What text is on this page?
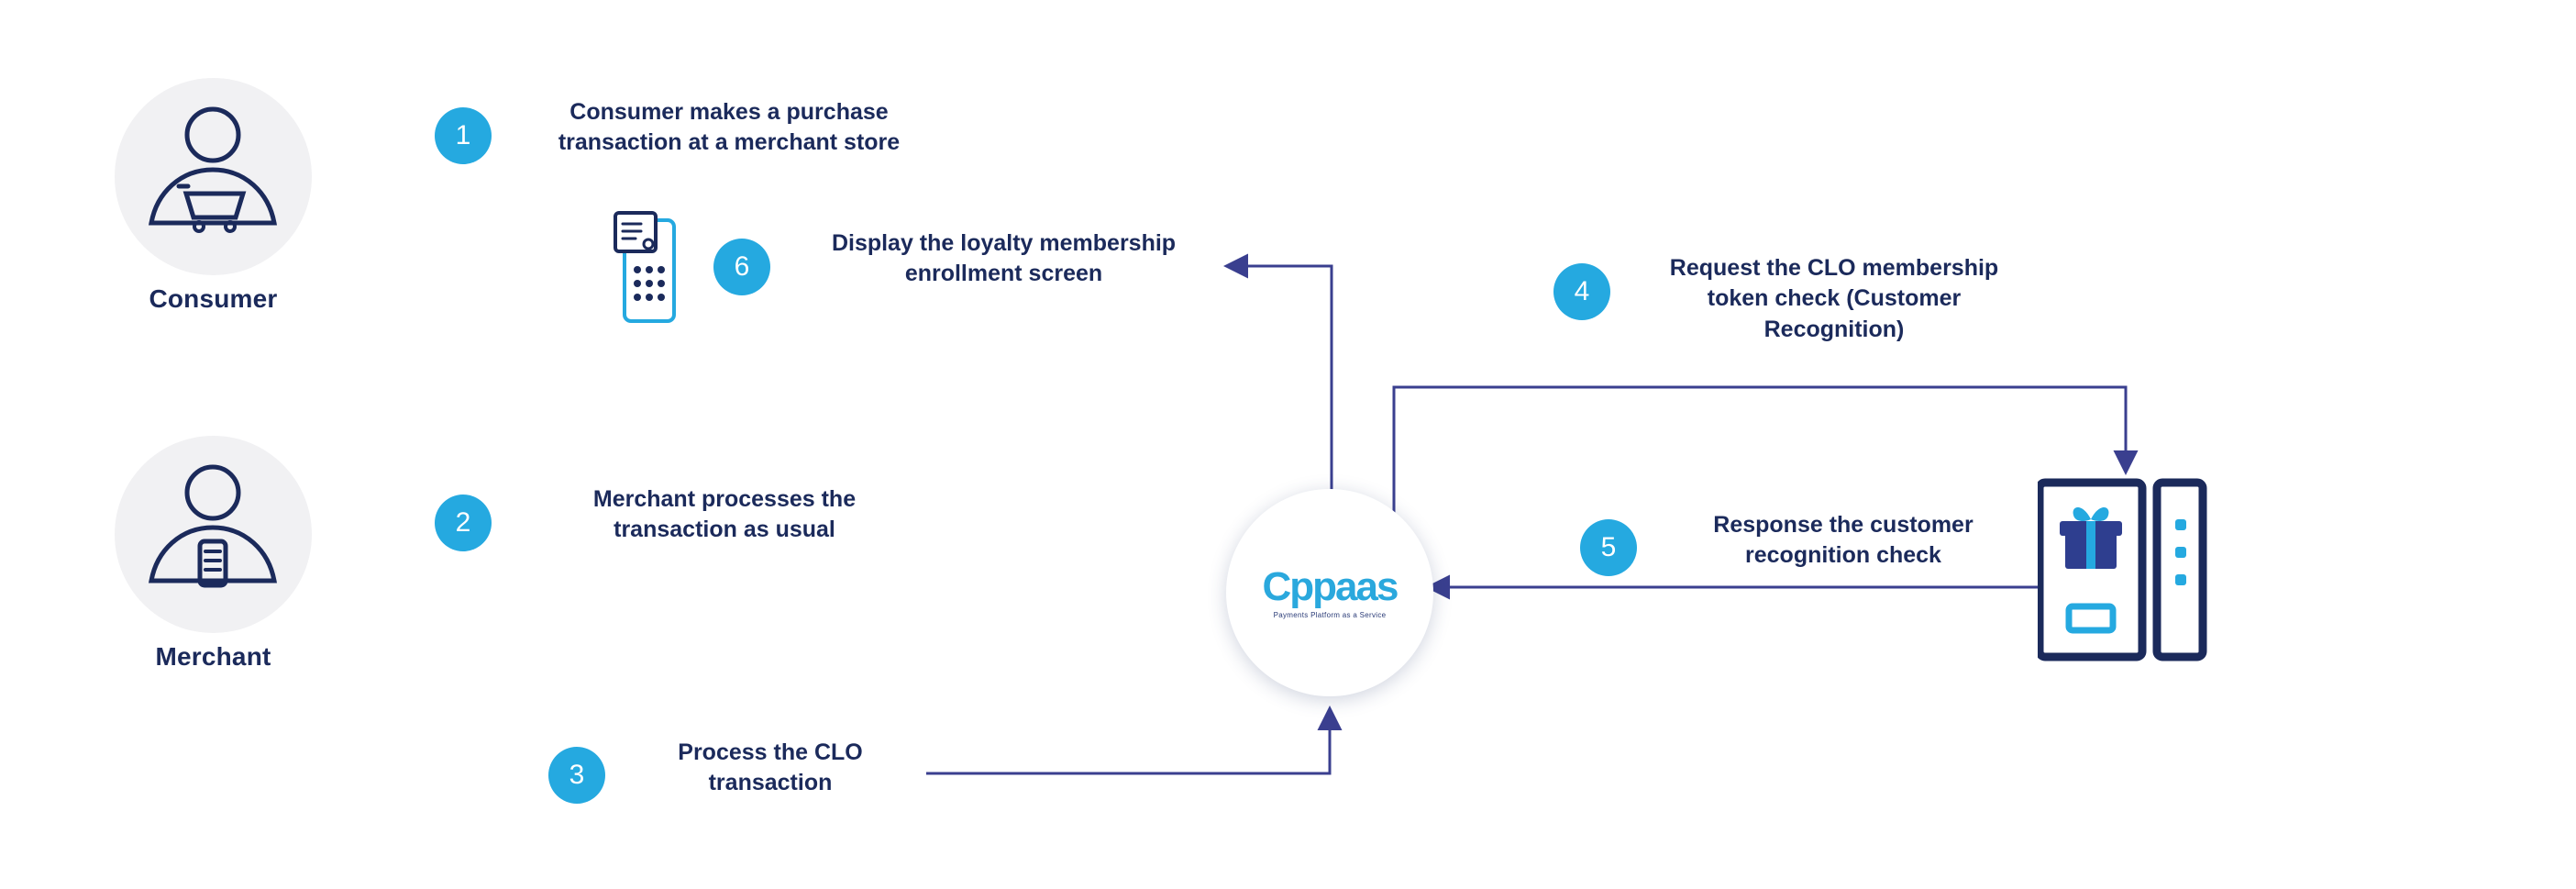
Consumer
Merchant
1
Consumer makes a purchase transaction at a merchant store
2
Merchant processes the transaction as usual
3
Process the CLO transaction
4
Request the CLO membership token check (Customer Recognition)
5
Response the customer recognition check
6
Display the loyalty membership enrollment screen
Cppaas
Payments Platform as a Service
